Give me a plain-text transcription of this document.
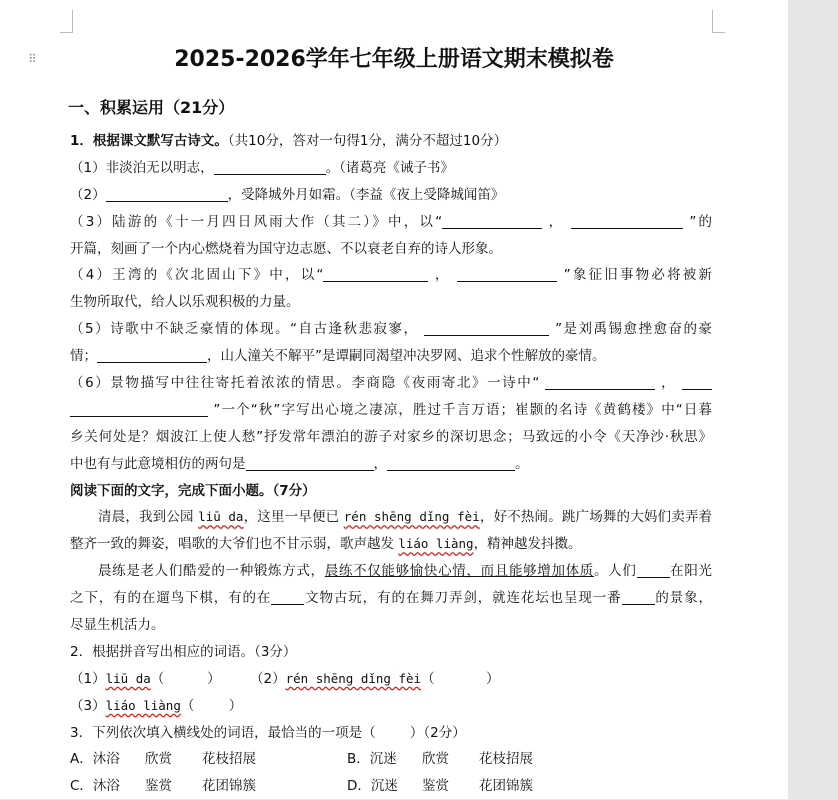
⠿	2025-2026学年七年级上册语文期末模拟卷
一、积累运用（21分）
1．根据课文默写古诗文。（共10分，答对一句得1分，满分不超过10分）
（1）非淡泊无以明志，	。（诸葛亮《诫子书》
（2）	，受降城外月如霜。（李益《夜上受降城闻笛》
（3）陆游的《十一月四日风雨大作（其二）》中，以“	，	”的
开篇，刻画了一个内心燃烧着为国守边志愿、不以衰老自弃的诗人形象。
（4）王湾的《次北固山下》中，以“	，	”象征旧事物必将被新
生物所取代，给人以乐观积极的力量。
（5）诗歌中不缺乏豪情的体现。“自古逢秋悲寂寥，	”是刘禹锡愈挫愈奋的豪
情；	，山人潼关不解平”是谭嗣同渴望冲决罗网、追求个性解放的豪情。
（6）景物描写中往往寄托着浓浓的情思。李商隐《夜雨寄北》一诗中“	，
”一个“秋”字写出心境之凄凉，胜过千言万语；崔颢的名诗《黄鹤楼》中“日暮
乡关何处是？烟波江上使人愁”抒发常年漂泊的游子对家乡的深切思念；马致远的小令《天净沙·秋思》
中也有与此意境相仿的两句是	，	。
阅读下面的文字，完成下面小题。（7分）
清晨，我到公园 liū da，这里一早便已 rén shēng dǐng fèi，好不热闹。跳广场舞的大妈们卖弄着
整齐一致的舞姿，唱歌的大爷们也不甘示弱，歌声越发 liáo liàng，精神越发抖擞。
晨练是老人们酷爱的一种锻炼方式，晨练不仅能够愉快心情，而且能够增加体质。人们 在阳光
之下，有的在遛鸟下棋，有的在 文物古玩，有的在舞刀弄剑，就连花坛也呈现一番 的景象，
尽显生机活力。
2．根据拼音写出相应的词语。（3分）
（1）liū da（          ） （2）rén shēng dǐng fèi（            ）
（3）liáo liàng（        ）
3．下列依次填入横线处的词语，最恰当的一项是（        ）（2分）
A．沐浴 欣赏 花枝招展	B．沉迷 欣赏 花枝招展
C．沐浴 鉴赏 花团锦簇	D．沉迷 鉴赏 花团锦簇
